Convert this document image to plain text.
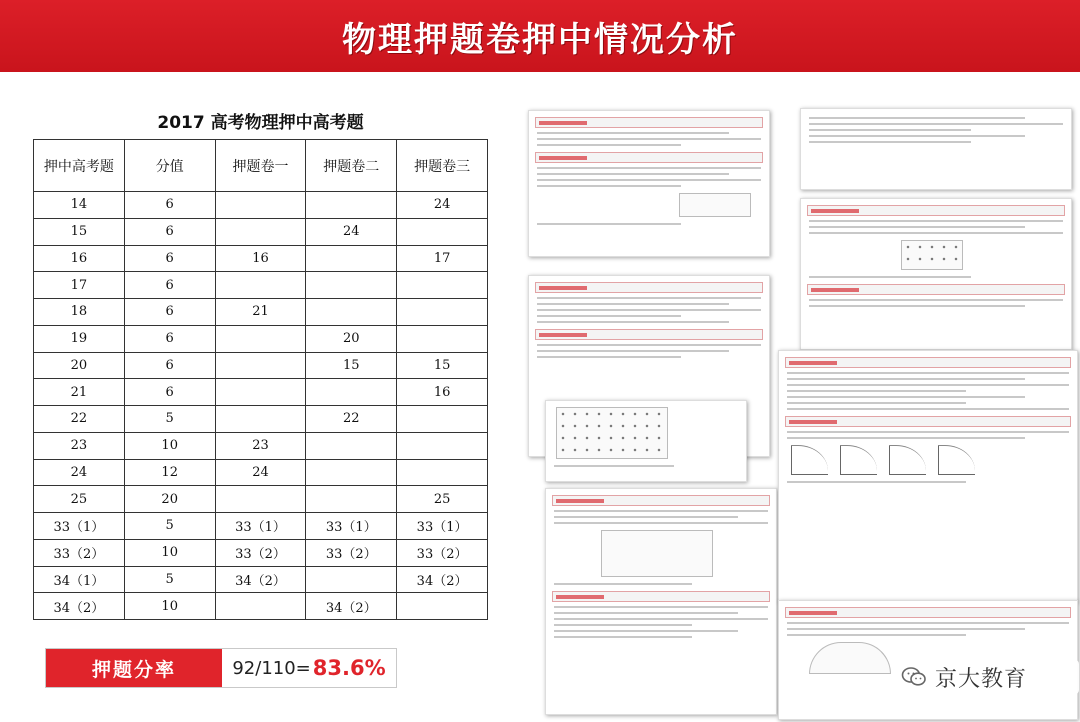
物理押题卷押中情况分析
2017 高考物理押中高考题
押中高考题	分值	押题卷一	押题卷二	押题卷三
14	6			24
15	6		24	
16	6	16		17
17	6			
18	6	21		
19	6		20	
20	6		15	15
21	6			16
22	5		22	
23	10	23		
24	12	24		
25	20			25
33（1）	5	33（1）	33（1）	33（1）
33（2）	10	33（2）	33（2）	33（2）
34（1）	5	34（2）		34（2）
34（2）	10		34（2）	
押题分率	92/110= 83.6%	京大教育
